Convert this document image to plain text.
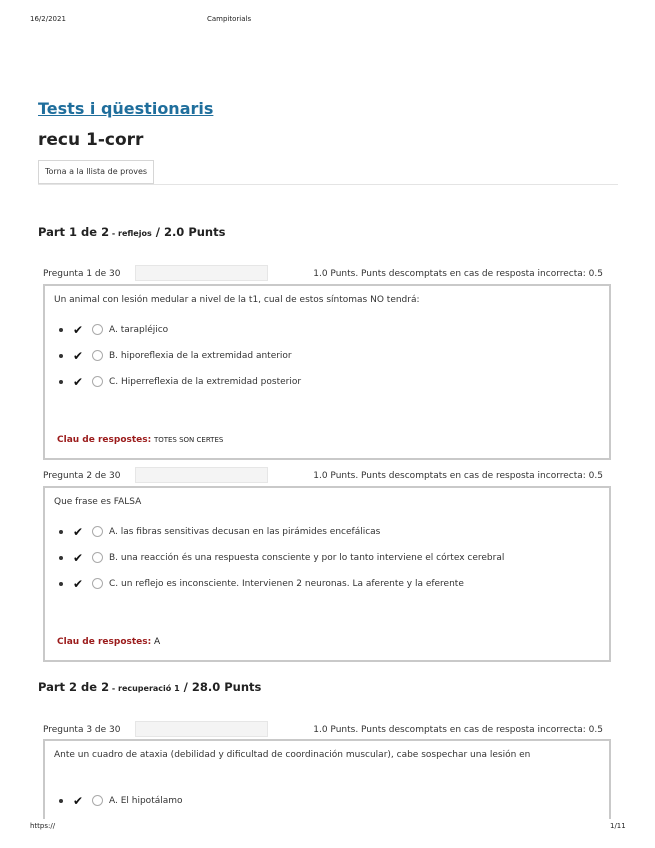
16/2/2021	Campitorials
Tests i qüestionaris
recu 1-corr
Torna a la llista de proves
Part 1 de 2 - reflejos / 2.0 Punts
Pregunta 1 de 30	1.0 Punts. Punts descomptats en cas de resposta incorrecta: 0.5
Un animal con lesión medular a nivel de la t1, cual de estos síntomas NO tendrá:
✔	A. tarapléjico
✔	B. hiporeflexia de la extremidad anterior
✔	C. Hiperreflexia de la extremidad posterior
Clau de respostes: TOTES SON CERTES
Pregunta 2 de 30	1.0 Punts. Punts descomptats en cas de resposta incorrecta: 0.5
Que frase es FALSA
✔	A. las fibras sensitivas decusan en las pirámides encefálicas
✔	B. una reacción és una respuesta consciente y por lo tanto interviene el córtex cerebral
✔	C. un reflejo es inconsciente. Intervienen 2 neuronas. La aferente y la eferente
Clau de respostes: A
Part 2 de 2 - recuperació 1 / 28.0 Punts
Pregunta 3 de 30	1.0 Punts. Punts descomptats en cas de resposta incorrecta: 0.5
Ante un cuadro de ataxia (debilidad y dificultad de coordinación muscular), cabe sospechar una lesión en
✔	A. El hipotálamo
https://	1/11
